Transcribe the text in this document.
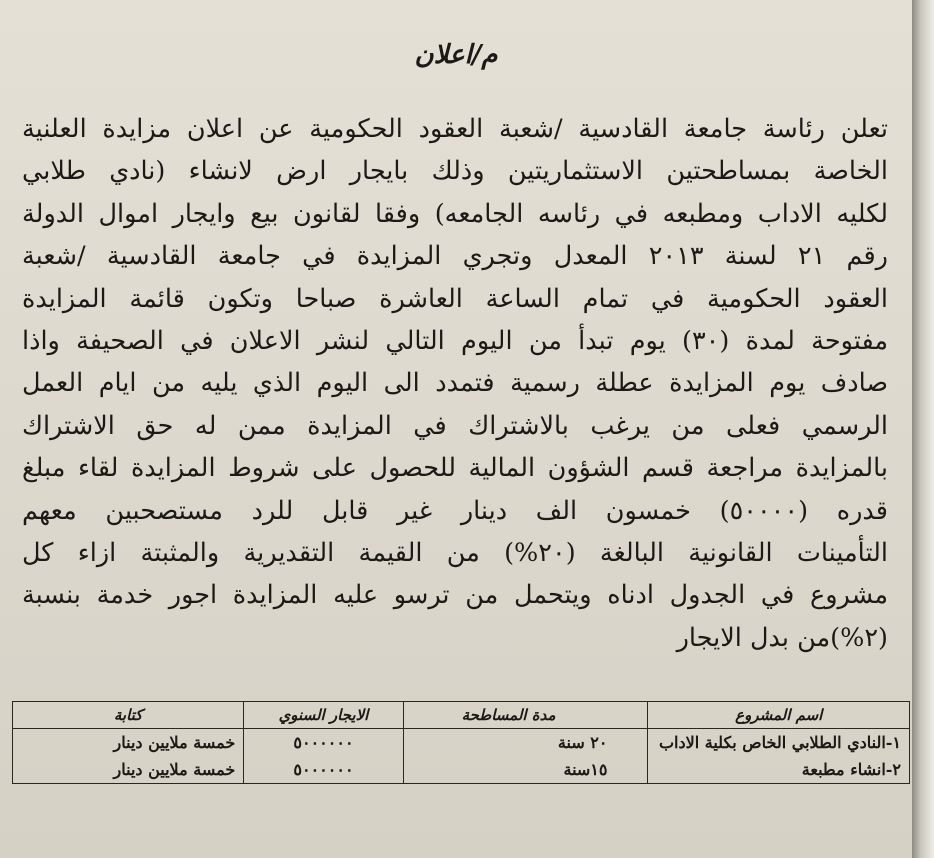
م/اعلان
تعلن رئاسة جامعة القادسية /شعبة العقود الحكومية عن اعلان مزايدة العلنية
الخاصة بمساطحتين الاستثماريتين وذلك بايجار ارض لانشاء (نادي طلابي
لكليه الاداب ومطبعه في رئاسه الجامعه) وفقا لقانون بيع وايجار اموال الدولة
رقم ٢١ لسنة ٢٠١٣ المعدل وتجري المزايدة في جامعة القادسية /شعبة
العقود الحكومية في تمام الساعة العاشرة صباحا وتكون قائمة المزايدة
مفتوحة لمدة (٣٠) يوم تبدأ من اليوم التالي لنشر الاعلان في الصحيفة واذا
صادف يوم المزايدة عطلة رسمية فتمدد الى اليوم الذي يليه من ايام العمل
الرسمي فعلى من يرغب بالاشتراك في المزايدة ممن له حق الاشتراك
بالمزايدة مراجعة قسم الشؤون المالية للحصول على شروط المزايدة لقاء مبلغ
قدره (٥٠٠٠٠) خمسون الف دينار غير قابل للرد مستصحبين معهم
التأمينات القانونية البالغة (٢٠%) من القيمة التقديرية والمثبتة ازاء كل
مشروع في الجدول ادناه ويتحمل من ترسو عليه المزايدة اجور خدمة بنسبة
(٢%)من بدل الايجار
اسم المشروع	مدة المساطحة	الايجار السنوي	كتابة
١-النادي الطلابي الخاص بكلية الاداب	٢٠ سنة	٥٠٠٠٠٠٠	خمسة ملايين دينار
٢-انشاء مطبعة	١٥سنة	٥٠٠٠٠٠٠	خمسة ملايين دينار
